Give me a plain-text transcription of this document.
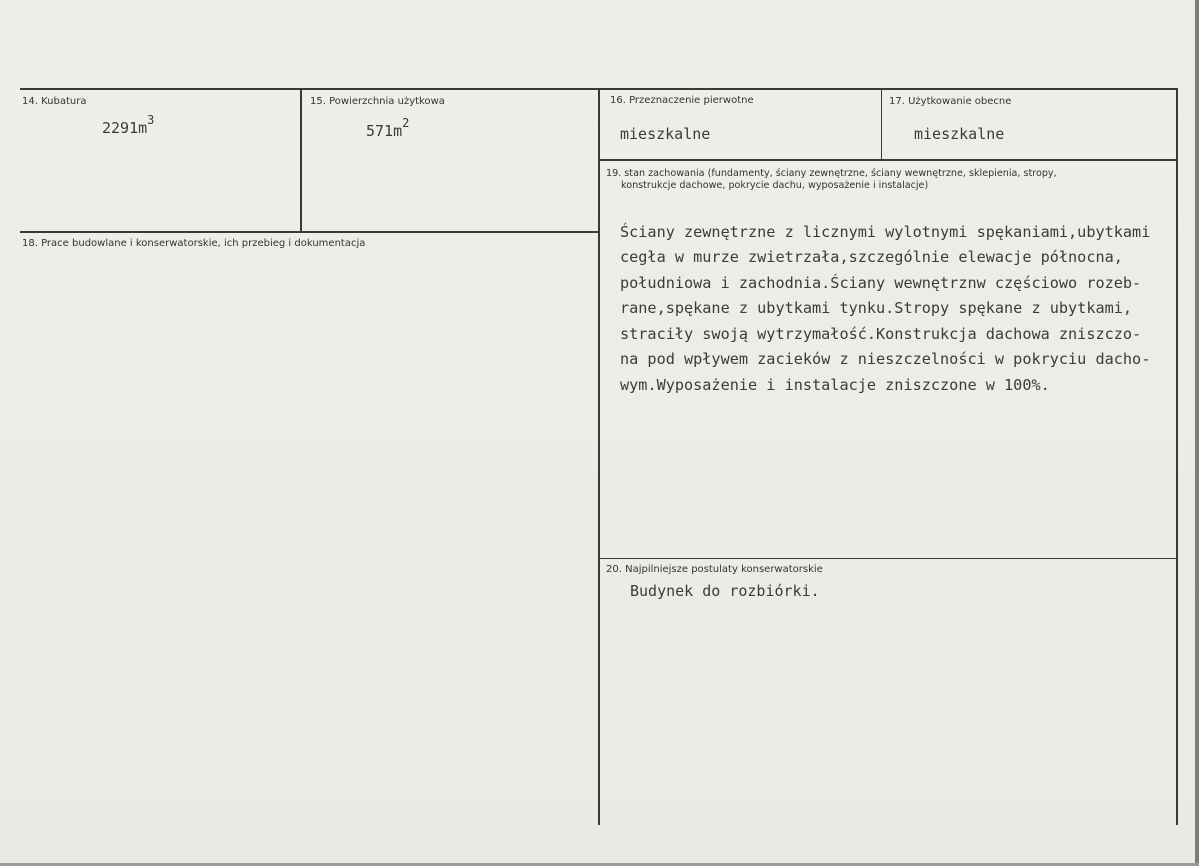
14. Kubatura
$2291m^3$
15. Powierzchnia użytkowa
$571m^2$
16. Przeznaczenie pierwotne
mieszkalne
17. Użytkowanie obecne
mieszkalne
18. Prace budowlane i konserwatorskie, ich przebieg i dokumentacja
19. stan zachowania (fundamenty, ściany zewnętrzne, ściany wewnętrzne, sklepienia, stropy,
konstrukcje dachowe, pokrycie dachu, wyposażenie i instalacje)

Ściany zewnętrzne z licznymi wylotnymi spękaniami,ubytkami
cegła w murze zwietrzała,szczególnie elewacje północna,
południowa i zachodnia.Ściany wewnętrznw częściowo rozeb-
rane,spękane z ubytkami tynku.Stropy spękane z ubytkami,
straciły swoją wytrzymałość.Konstrukcja dachowa zniszczo-
na pod wpływem zacieków z nieszczelności w pokryciu dacho-
wym.Wyposażenie i instalacje zniszczone w 100%.
20. Najpilniejsze postulaty konserwatorskie
Budynek do rozbiórki.
